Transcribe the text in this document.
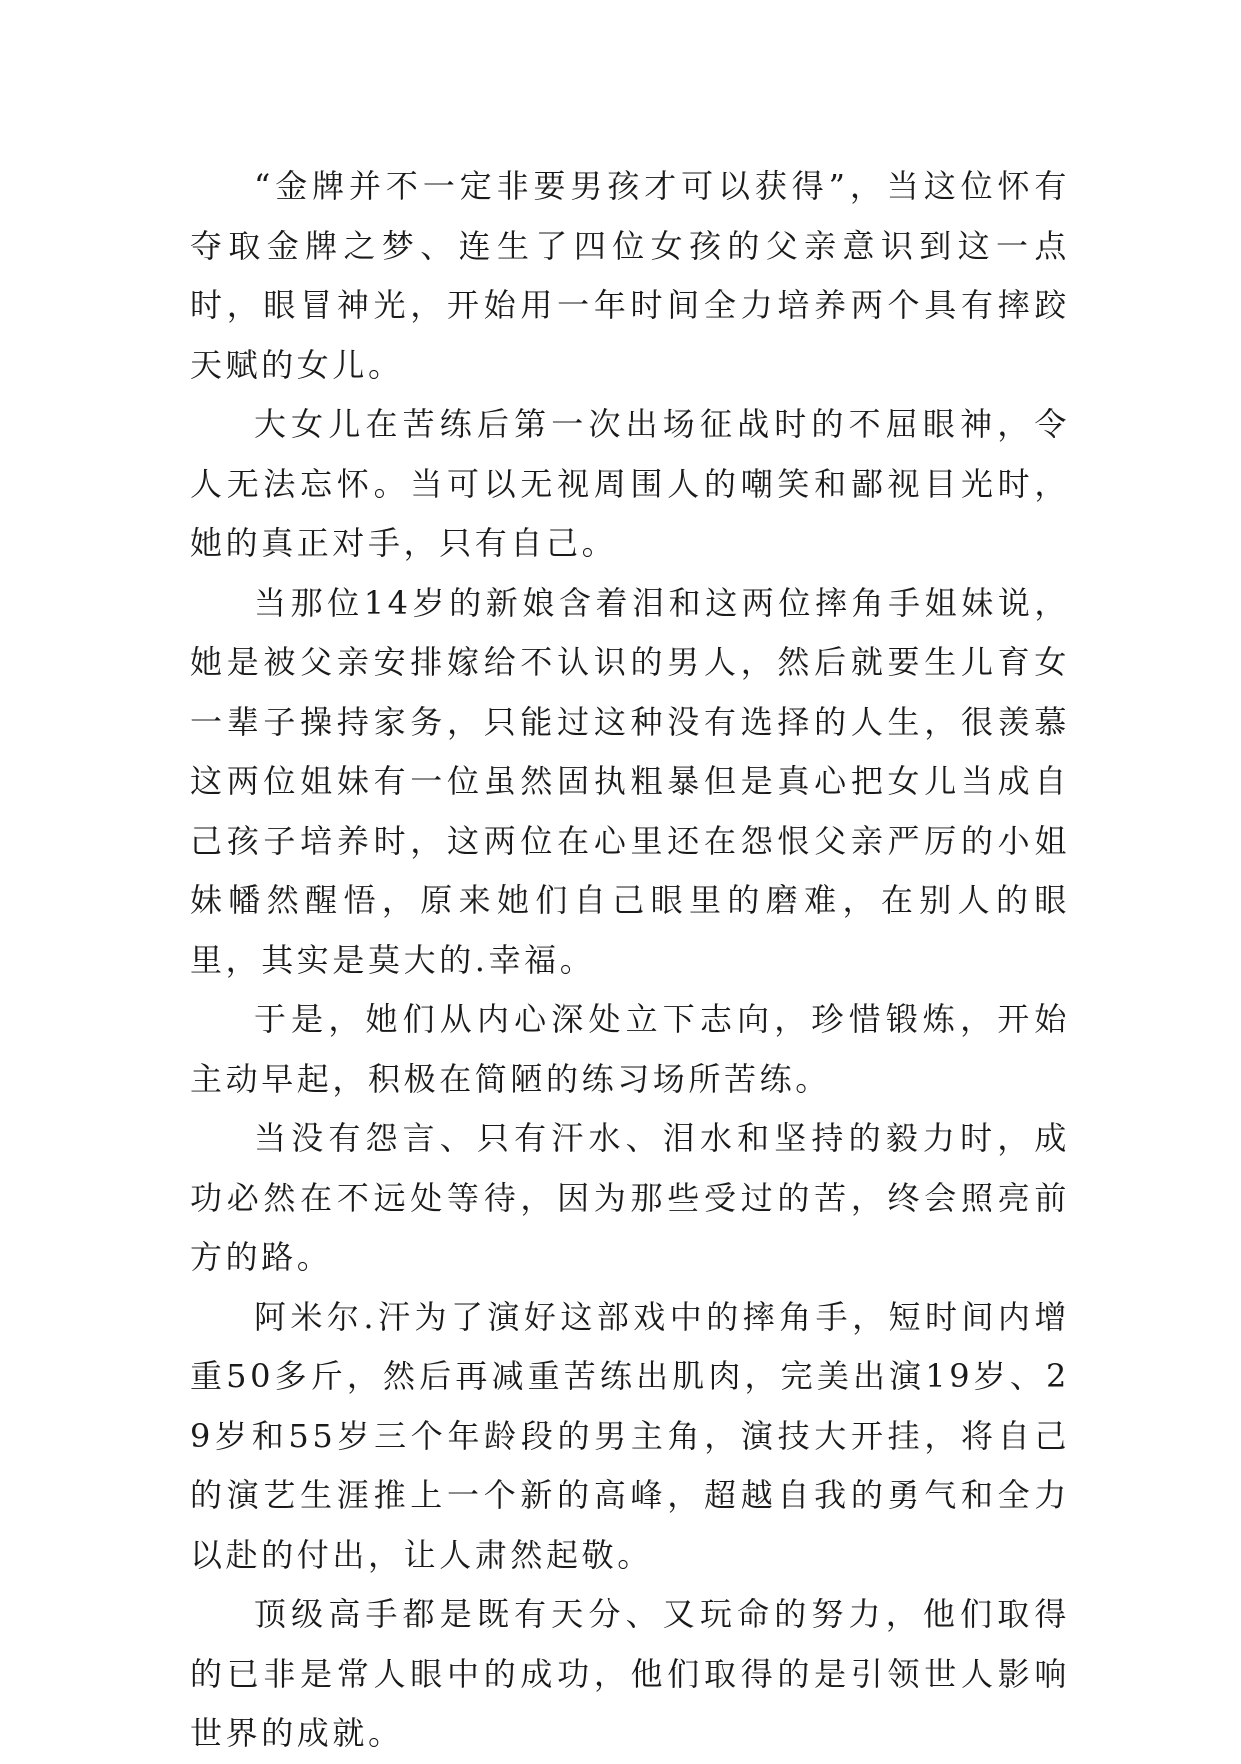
“金牌并不一定非要男孩才可以获得”，当这位怀有夺取金牌之梦、连生了四位女孩的父亲意识到这一点时，眼冒神光，开始用一年时间全力培养两个具有摔跤天赋的女儿。

大女儿在苦练后第一次出场征战时的不屈眼神，令人无法忘怀。当可以无视周围人的嘲笑和鄙视目光时，她的真正对手，只有自己。

当那位14岁的新娘含着泪和这两位摔角手姐妹说，她是被父亲安排嫁给不认识的男人，然后就要生儿育女一辈子操持家务，只能过这种没有选择的人生，很羡慕这两位姐妹有一位虽然固执粗暴但是真心把女儿当成自己孩子培养时，这两位在心里还在怨恨父亲严厉的小姐妹幡然醒悟，原来她们自己眼里的磨难，在别人的眼里，其实是莫大的.幸福。

于是，她们从内心深处立下志向，珍惜锻炼，开始主动早起，积极在简陋的练习场所苦练。

当没有怨言、只有汗水、泪水和坚持的毅力时，成功必然在不远处等待，因为那些受过的苦，终会照亮前方的路。

阿米尔.汗为了演好这部戏中的摔角手，短时间内增重50多斤，然后再减重苦练出肌肉，完美出演19岁、29岁和55岁三个年龄段的男主角，演技大开挂，将自己的演艺生涯推上一个新的高峰，超越自我的勇气和全力以赴的付出，让人肃然起敬。

顶级高手都是既有天分、又玩命的努力，他们取得的已非是常人眼中的成功，他们取得的是引领世人影响世界的成就。
